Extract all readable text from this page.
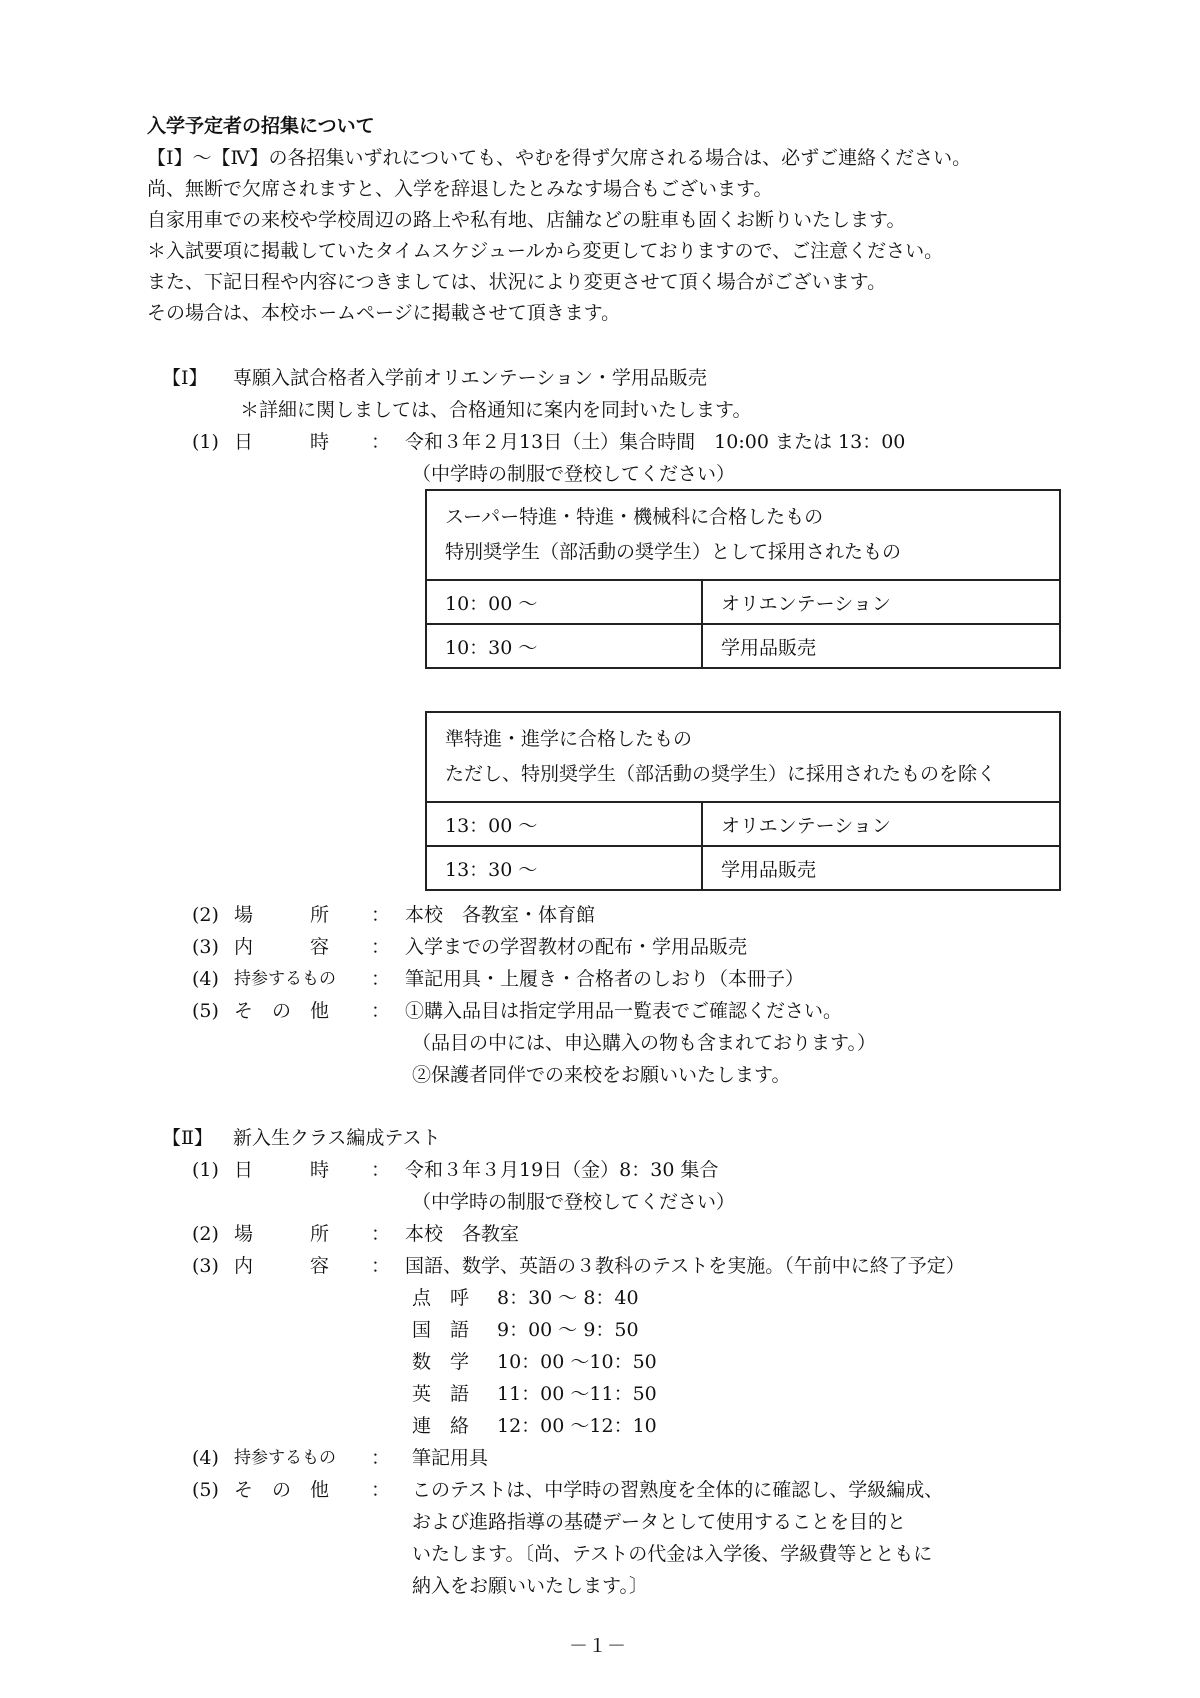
入学予定者の招集について
【Ⅰ】～【Ⅳ】の各招集いずれについても、やむを得ず欠席される場合は、必ずご連絡ください。
尚、無断で欠席されますと、入学を辞退したとみなす場合もございます。
自家用車での来校や学校周辺の路上や私有地、店舗などの駐車も固くお断りいたします。
＊入試要項に掲載していたタイムスケジュールから変更しておりますので、ご注意ください。
また、下記日程や内容につきましては、状況により変更させて頂く場合がございます。
その場合は、本校ホームページに掲載させて頂きます。
【Ⅰ】 専願入試合格者入学前オリエンテーション・学用品販売
＊詳細に関しましては、合格通知に案内を同封いたします。
(1) 日　　　時 ： 令和３年２月13日（土）集合時間　10:00 または 13：00
（中学時の制服で登校してください）
スーパー特進・特進・機械科に合格したもの
特別奨学生（部活動の奨学生）として採用されたもの
10：00 ～	オリエンテーション
10：30 ～	学用品販売
準特進・進学に合格したもの
ただし、特別奨学生（部活動の奨学生）に採用されたものを除く
13：00 ～	オリエンテーション
13：30 ～	学用品販売
(2) 場　　　所 ： 本校　各教室・体育館
(3) 内　　　容 ： 入学までの学習教材の配布・学用品販売
(4) 持参するもの ： 筆記用具・上履き・合格者のしおり（本冊子）
(5) そ　の　他 ： ①購入品目は指定学用品一覧表でご確認ください。
（品目の中には、申込購入の物も含まれております。）
②保護者同伴での来校をお願いいたします。
【Ⅱ】 新入生クラス編成テスト
(1) 日　　　時 ： 令和３年３月19日（金）8：30 集合
（中学時の制服で登校してください）
(2) 場　　　所 ： 本校　各教室
(3) 内　　　容 ： 国語、数学、英語の３教科のテストを実施。（午前中に終了予定）
点　呼 8：30 ～ 8：40
国　語 9：00 ～ 9：50
数　学 10：00 ～10：50
英　語 11：00 ～11：50
連　絡 12：00 ～12：10
(4) 持参するもの ： 筆記用具
(5) そ　の　他 ： このテストは、中学時の習熟度を全体的に確認し、学級編成、
および進路指導の基礎データとして使用することを目的と
いたします。〔尚、テストの代金は入学後、学級費等とともに
納入をお願いいたします。〕
－１－
